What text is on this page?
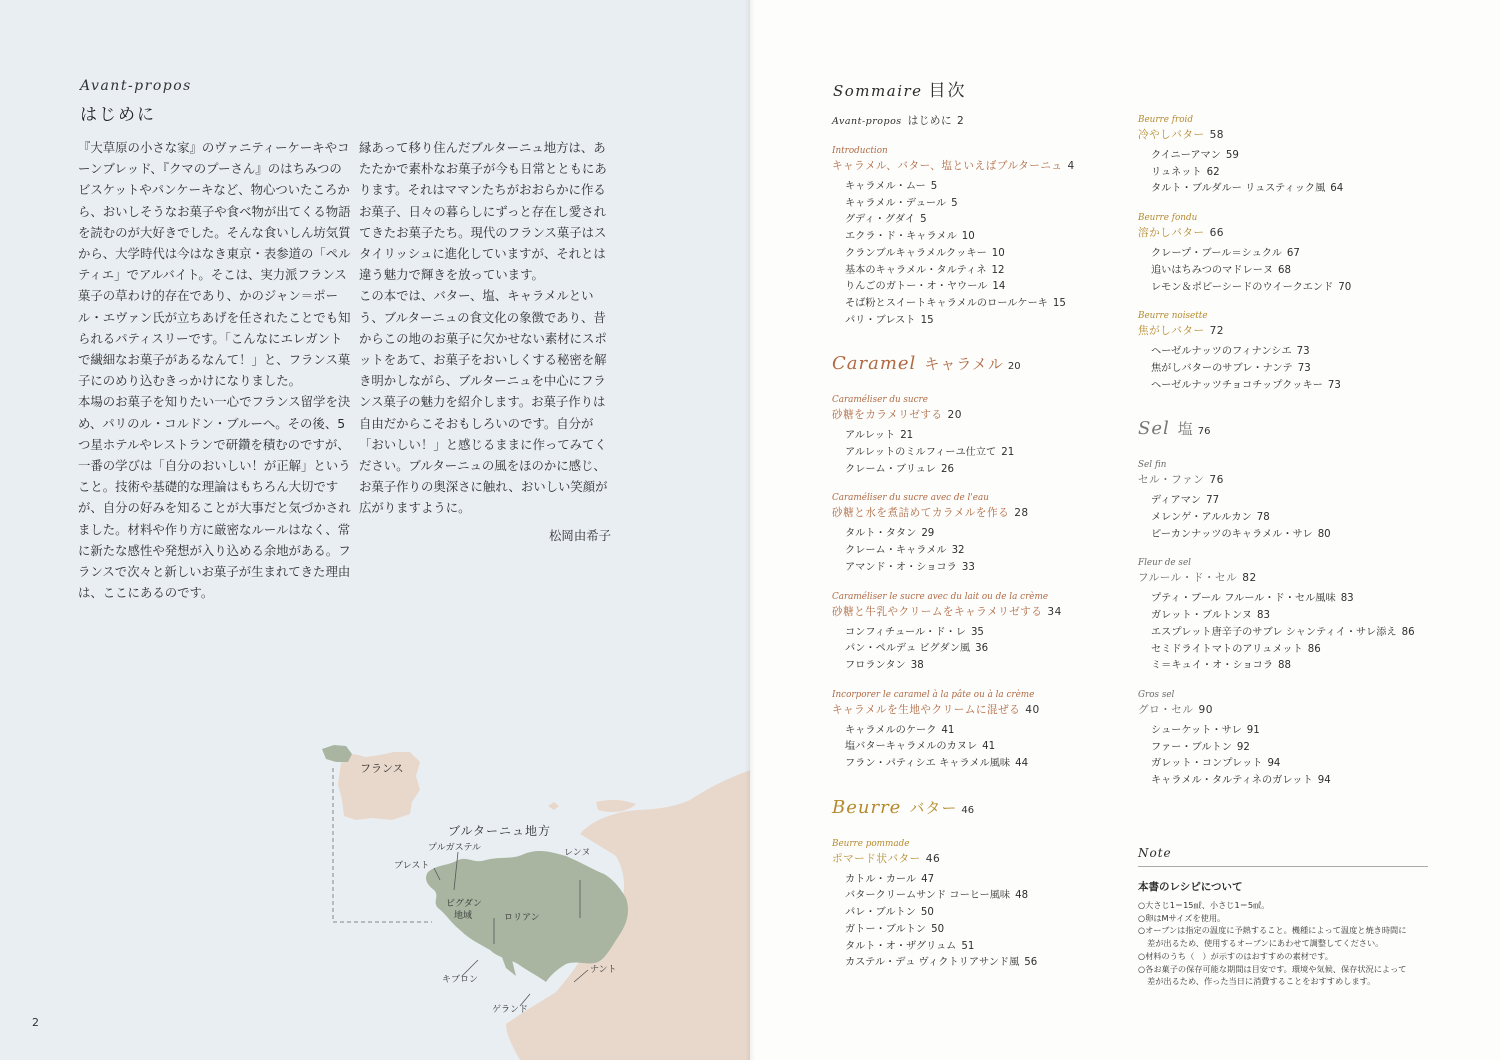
フランス
ブルターニュ地方
プルガステル
ブレスト
レンヌ
ビグダン
地域	ロリアン
キブロン
ナント
ゲランド
Avant-propos
はじめに

『大草原の小さな家』のヴァニティーケーキやコーンブレッド、『クマのプーさん』のはちみつのビスケットやパンケーキなど、物心ついたころから、おいしそうなお菓子や食べ物が出てくる物語を読むのが大好きでした。そんな食いしん坊気質から、大学時代は今はなき東京・表参道の「ペルティエ」でアルバイト。そこは、実力派フランス菓子の草わけ的存在であり、かのジャン＝ポール・エヴァン氏が立ちあげを任されたことでも知られるパティスリーです。「こんなにエレガントで繊細なお菓子があるなんて！」と、フランス菓子にのめり込むきっかけになりました。

本場のお菓子を知りたい一心でフランス留学を決め、パリのル・コルドン・ブルーへ。その後、5つ星ホテルやレストランで研鑽を積むのですが、一番の学びは「自分のおいしい！が正解」ということ。技術や基礎的な理論はもちろん大切ですが、自分の好みを知ることが大事だと気づかされました。材料や作り方に厳密なルールはなく、常に新たな感性や発想が入り込める余地がある。フランスで次々と新しいお菓子が生まれてきた理由は、ここにあるのです。

縁あって移り住んだブルターニュ地方は、あたたかで素朴なお菓子が今も日常とともにあります。それはママンたちがおおらかに作るお菓子、日々の暮らしにずっと存在し愛されてきたお菓子たち。現代のフランス菓子はスタイリッシュに進化していますが、それとは違う魅力で輝きを放っています。

この本では、バター、塩、キャラメルという、ブルターニュの食文化の象徴であり、昔からこの地のお菓子に欠かせない素材にスポットをあて、お菓子をおいしくする秘密を解き明かしながら、ブルターニュを中心にフランス菓子の魅力を紹介します。お菓子作りは自由だからこそおもしろいのです。自分が「おいしい！」と感じるままに作ってみてください。ブルターニュの風をほのかに感じ、お菓子作りの奥深さに触れ、おいしい笑顔が広がりますように。

松岡由希子

2
Sommaire 目次
Avant-propos はじめに 2
Introduction
キャラメル、バター、塩といえばブルターニュ 4
キャラメル・ムー 5
キャラメル・デュール 5
グディ・グダイ 5
エクラ・ド・キャラメル 10
クランブルキャラメルクッキー 10
基本のキャラメル・タルティネ 12
りんごのガトー・オ・ヤウール 14
そば粉とスイートキャラメルのロールケーキ 15
パリ・ブレスト 15
Caramel キャラメル 20
Caraméliser du sucre
砂糖をカラメリゼする 20
アルレット 21
アルレットのミルフィーユ仕立て 21
クレーム・ブリュレ 26
Caraméliser du sucre avec de l'eau
砂糖と水を煮詰めてカラメルを作る 28
タルト・タタン 29
クレーム・キャラメル 32
アマンド・オ・ショコラ 33
Caraméliser le sucre avec du lait ou de la crème
砂糖と牛乳やクリームをキャラメリゼする 34
コンフィチュール・ド・レ 35
パン・ペルデュ ビグダン風 36
フロランタン 38
Incorporer le caramel à la pâte ou à la crème
キャラメルを生地やクリームに混ぜる 40
キャラメルのケーク 41
塩バターキャラメルのカヌレ 41
フラン・パティシエ キャラメル風味 44
Beurre バター 46
Beurre pommade
ポマード状バター 46
カトル・カール 47
バタークリームサンド コーヒー風味 48
パレ・ブルトン 50
ガトー・ブルトン 50
タルト・オ・ザグリュム 51
カステル・デュ ヴィクトリアサンド風 56
Beurre froid
冷やしバター 58
クイニーアマン 59
リュネット 62
タルト・ブルダルー リュスティック風 64
Beurre fondu
溶かしバター 66
クレープ・ブール＝シュクル 67
追いはちみつのマドレーヌ 68
レモン＆ポピーシードのウイークエンド 70
Beurre noisette
焦がしバター 72
ヘーゼルナッツのフィナンシエ 73
焦がしバターのサブレ・ナンテ 73
ヘーゼルナッツチョコチップクッキー 73
Sel 塩 76
Sel fin
セル・ファン 76
ディアマン 77
メレンゲ・アルルカン 78
ピーカンナッツのキャラメル・サレ 80
Fleur de sel
フルール・ド・セル 82
プティ・ブール フルール・ド・セル風味 83
ガレット・ブルトンヌ 83
エスプレット唐辛子のサブレ シャンティイ・サレ添え 86
セミドライトマトのアリュメット 86
ミ＝キュイ・オ・ショコラ 88
Gros sel
グロ・セル 90
シューケット・サレ 91
ファー・ブルトン 92
ガレット・コンプレット 94
キャラメル・タルティネのガレット 94
Note
本書のレシピについて
○大さじ1＝15㎖、小さじ1＝5㎖。
○卵はMサイズを使用。
○オーブンは指定の温度に予熱すること。機種によって温度と焼き時間に
差が出るため、使用するオーブンにあわせて調整してください。
○材料のうち（　）が示すのはおすすめの素材です。
○各お菓子の保存可能な期間は目安です。環境や気候、保存状況によって
差が出るため、作った当日に消費することをおすすめします。
